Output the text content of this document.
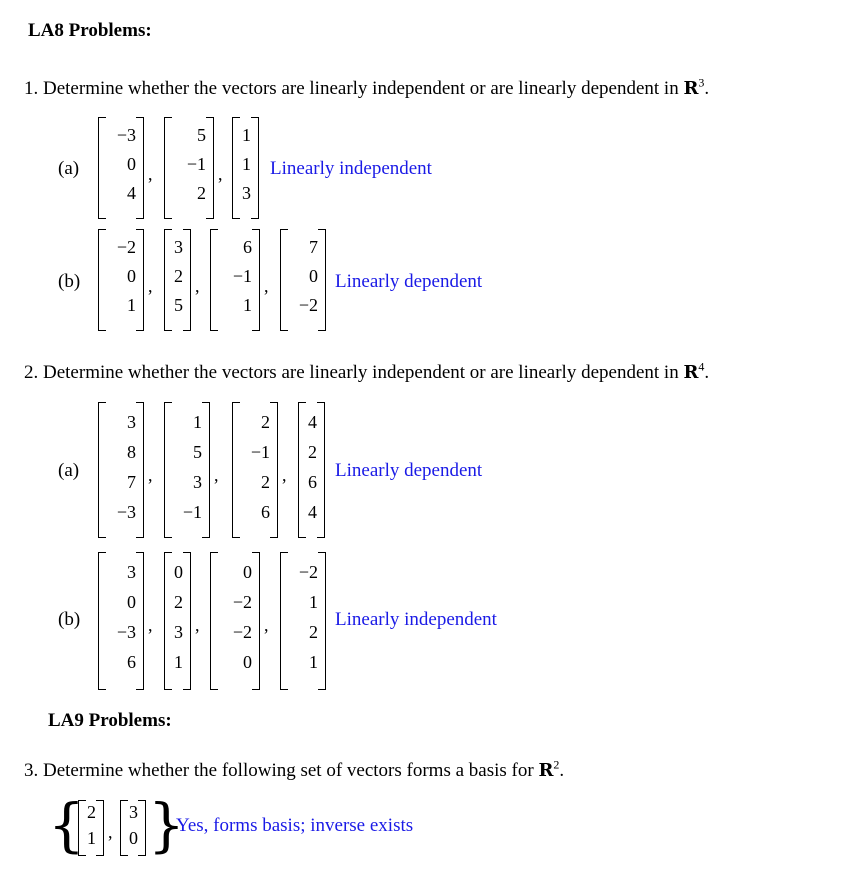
LA8 Problems:
1. Determine whether the vectors are linearly independent or are linearly dependent in $R^3$.
(a)
−3
0
4
,
5
−1
2
,
1
1
3
Linearly independent
(b)
−2
0
1
,
3
2
5
,
6
−1
1
,
7
0
−2
Linearly dependent
2. Determine whether the vectors are linearly independent or are linearly dependent in $R^4$.
(a)
3
8
7
−3
,
1
5
3
−1
,
2
−1
2
6
,
4
2
6
4
Linearly dependent
(b)
3
0
−3
6
,
0
2
3
1
,
0
−2
−2
0
,
−2
1
2
1
Linearly independent
LA9 Problems:
3. Determine whether the following set of vectors forms a basis for $R^2$.
{ 2
1 ,
3
0 }
Yes, forms basis; inverse exists
